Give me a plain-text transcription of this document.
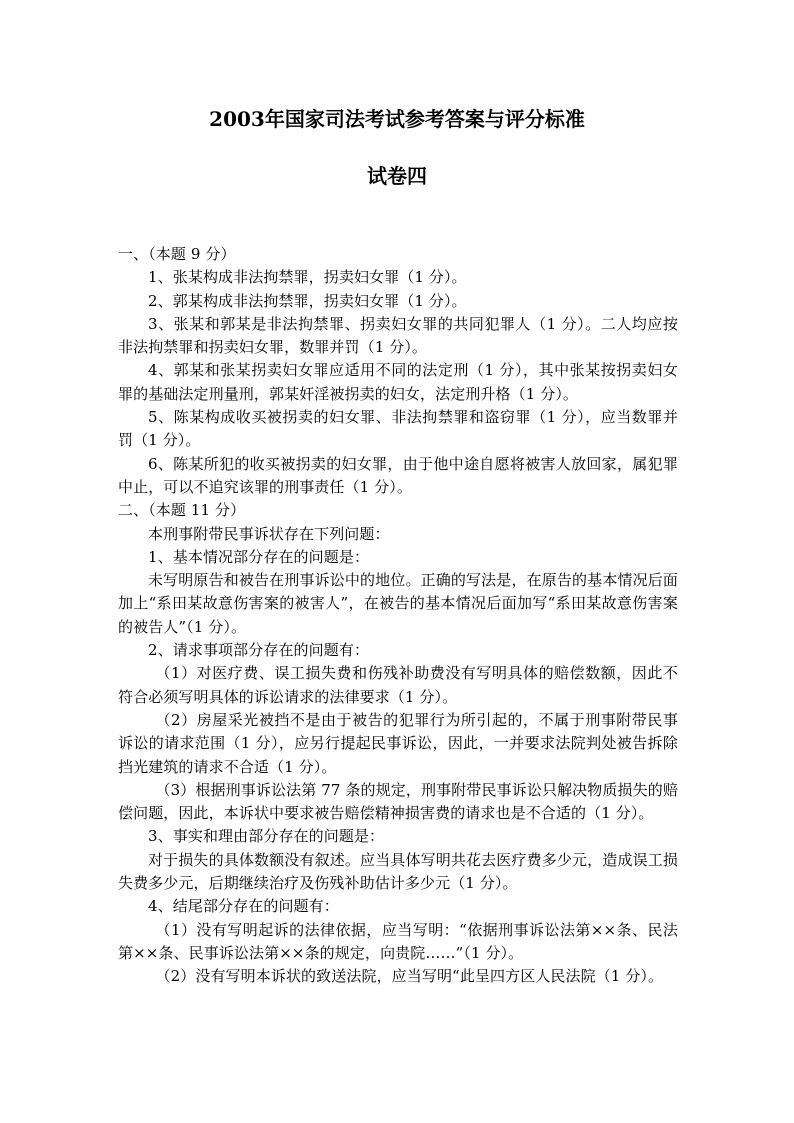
2003年国家司法考试参考答案与评分标准
试卷四

一、（本题 9 分）

1、张某构成非法拘禁罪，拐卖妇女罪（1 分）。

2、郭某构成非法拘禁罪，拐卖妇女罪（1 分）。

3、张某和郭某是非法拘禁罪、拐卖妇女罪的共同犯罪人（1 分）。二人均应按非法拘禁罪和拐卖妇女罪，数罪并罚（1 分）。

4、郭某和张某拐卖妇女罪应适用不同的法定刑（1 分），其中张某按拐卖妇女罪的基础法定刑量刑，郭某奸淫被拐卖的妇女，法定刑升格（1 分）。

5、陈某构成收买被拐卖的妇女罪、非法拘禁罪和盗窃罪（1 分），应当数罪并罚（1 分）。

6、陈某所犯的收买被拐卖的妇女罪，由于他中途自愿将被害人放回家，属犯罪中止，可以不追究该罪的刑事责任（1 分）。

二、（本题 11 分）

本刑事附带民事诉状存在下列问题：

1、基本情况部分存在的问题是：

未写明原告和被告在刑事诉讼中的地位。正确的写法是，在原告的基本情况后面加上“系田某故意伤害案的被害人”，在被告的基本情况后面加写“系田某故意伤害案的被告人”（1 分）。

2、请求事项部分存在的问题有：

（1）对医疗费、误工损失费和伤残补助费没有写明具体的赔偿数额，因此不符合必须写明具体的诉讼请求的法律要求（1 分）。

（2）房屋采光被挡不是由于被告的犯罪行为所引起的，不属于刑事附带民事诉讼的请求范围（1 分），应另行提起民事诉讼，因此，一并要求法院判处被告拆除挡光建筑的请求不合适（1 分）。

（3）根据刑事诉讼法第 77 条的规定，刑事附带民事诉讼只解决物质损失的赔偿问题，因此，本诉状中要求被告赔偿精神损害费的请求也是不合适的（1 分）。

3、事实和理由部分存在的问题是：

对于损失的具体数额没有叙述。应当具体写明共花去医疗费多少元，造成误工损失费多少元，后期继续治疗及伤残补助估计多少元（1 分）。

4、结尾部分存在的问题有：

（1）没有写明起诉的法律依据，应当写明：“依据刑事诉讼法第××条、民法第××条、民事诉讼法第××条的规定，向贵院……”（1 分）。

（2）没有写明本诉状的致送法院，应当写明“此呈四方区人民法院（1 分）。
